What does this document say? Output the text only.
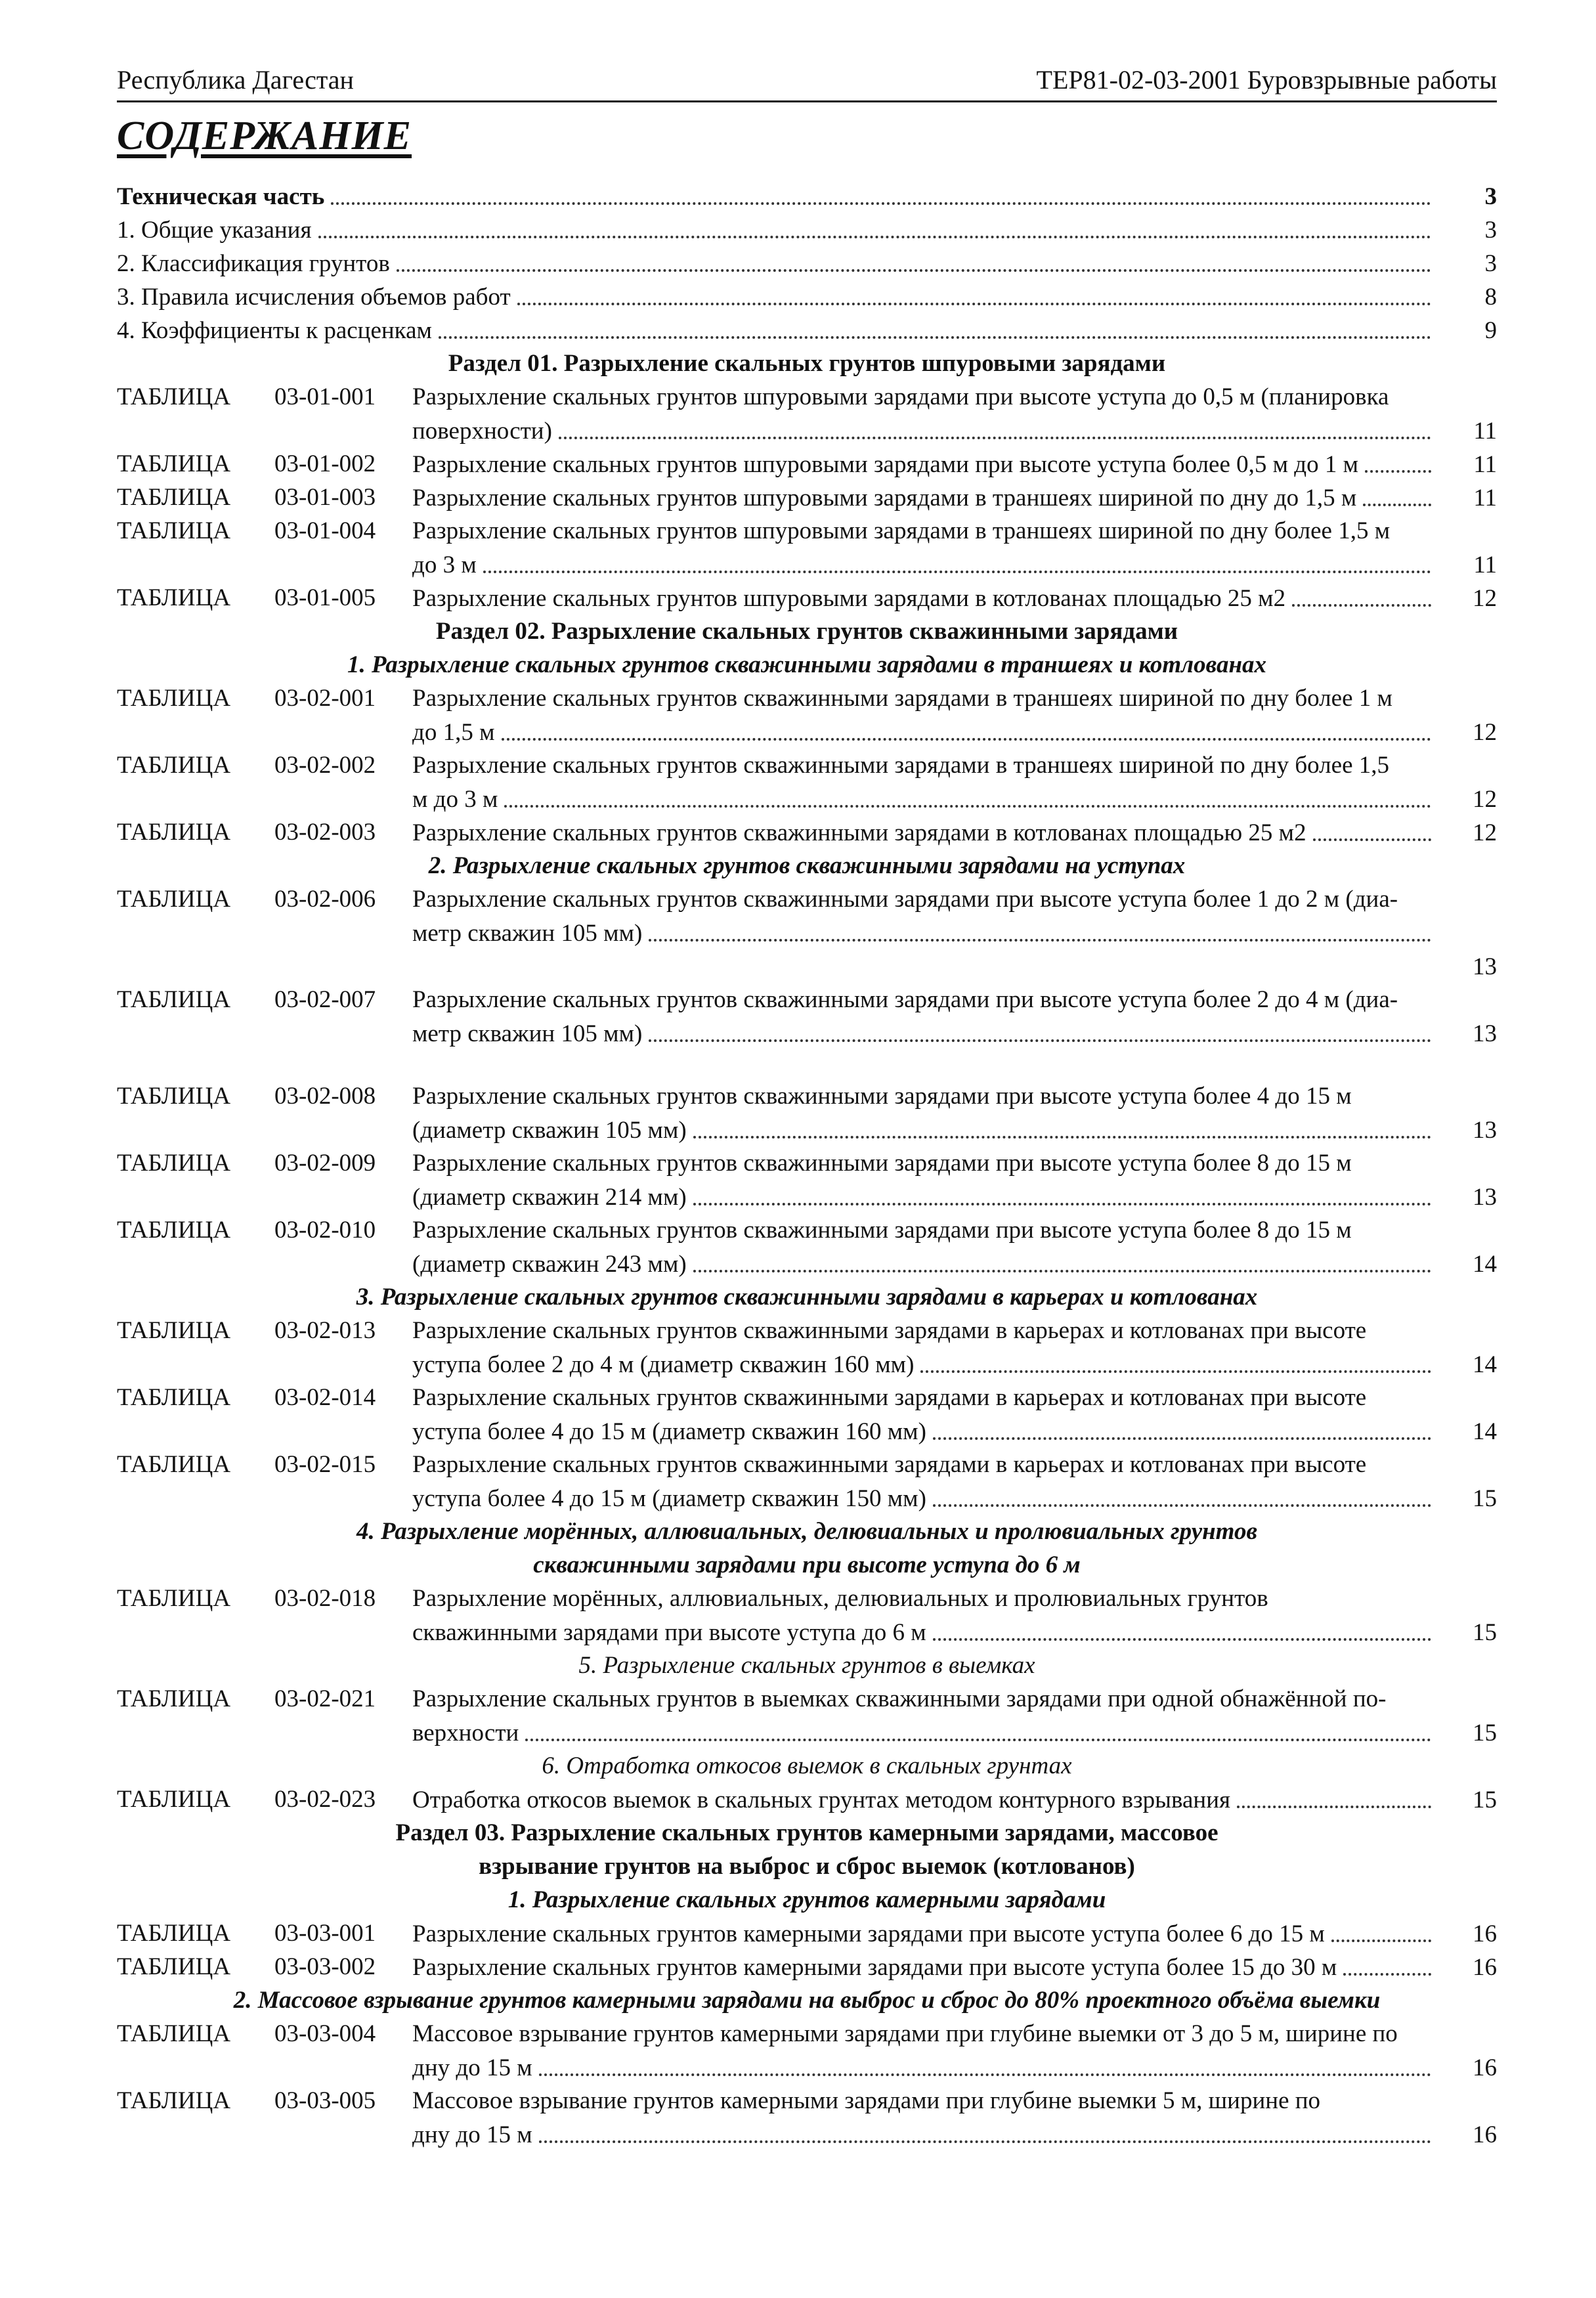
Республика Дагестан	ТЕР81-02-03-2001 Буровзрывные работы
СОДЕРЖАНИЕ
Техническая часть	3
1. Общие указания	3
2. Классификация грунтов	3
3. Правила исчисления объемов работ	8
4. Коэффициенты к расценкам	9
Раздел 01. Разрыхление скальных грунтов шпуровыми зарядами
ТАБЛИЦА	03-01-001	Разрыхление скальных грунтов шпуровыми зарядами при высоте уступа до 0,5 м (планировка
поверхности)	11
ТАБЛИЦА	03-01-002	Разрыхление скальных грунтов шпуровыми зарядами при высоте уступа более 0,5 м до 1 м	11
ТАБЛИЦА	03-01-003	Разрыхление скальных грунтов шпуровыми зарядами в траншеях шириной по дну до 1,5 м	11
ТАБЛИЦА	03-01-004	Разрыхление скальных грунтов шпуровыми зарядами в траншеях шириной по дну более 1,5 м
до 3 м	11
ТАБЛИЦА	03-01-005	Разрыхление скальных грунтов шпуровыми зарядами в котлованах площадью 25 м2	12
Раздел 02. Разрыхление скальных грунтов скважинными зарядами
1. Разрыхление скальных грунтов скважинными зарядами в траншеях и котлованах
ТАБЛИЦА	03-02-001	Разрыхление скальных грунтов скважинными зарядами в траншеях шириной по дну более 1 м
до 1,5 м	12
ТАБЛИЦА	03-02-002	Разрыхление скальных грунтов скважинными зарядами в траншеях шириной по дну более 1,5
м до 3 м	12
ТАБЛИЦА	03-02-003	Разрыхление скальных грунтов скважинными зарядами в котлованах площадью 25 м2	12
2. Разрыхление скальных грунтов скважинными зарядами на уступах
ТАБЛИЦА	03-02-006	Разрыхление скальных грунтов скважинными зарядами при высоте уступа более 1 до 2 м (диа-
метр скважин 105 мм)
13
ТАБЛИЦА	03-02-007	Разрыхление скальных грунтов скважинными зарядами при высоте уступа более 2 до 4 м (диа-
метр скважин 105 мм)	13
ТАБЛИЦА	03-02-008	Разрыхление скальных грунтов скважинными зарядами при высоте уступа более 4 до 15 м
(диаметр скважин 105 мм)	13
ТАБЛИЦА	03-02-009	Разрыхление скальных грунтов скважинными зарядами при высоте уступа более 8 до 15 м
(диаметр скважин 214 мм)	13
ТАБЛИЦА	03-02-010	Разрыхление скальных грунтов скважинными зарядами при высоте уступа более 8 до 15 м
(диаметр скважин 243 мм)	14
3. Разрыхление скальных грунтов скважинными зарядами в карьерах и котлованах
ТАБЛИЦА	03-02-013	Разрыхление скальных грунтов скважинными зарядами в карьерах и котлованах при высоте
уступа более 2 до 4 м (диаметр скважин 160 мм)	14
ТАБЛИЦА	03-02-014	Разрыхление скальных грунтов скважинными зарядами в карьерах и котлованах при высоте
уступа более 4 до 15 м (диаметр скважин 160 мм)	14
ТАБЛИЦА	03-02-015	Разрыхление скальных грунтов скважинными зарядами в карьерах и котлованах при высоте
уступа более 4 до 15 м (диаметр скважин 150 мм)	15
4. Разрыхление морённых, аллювиальных, делювиальных и пролювиальных грунтов
скважинными зарядами при высоте уступа до 6 м
ТАБЛИЦА	03-02-018	Разрыхление морённых, аллювиальных, делювиальных и пролювиальных грунтов
скважинными зарядами при высоте уступа до 6 м	15
5. Разрыхление скальных грунтов в выемках
ТАБЛИЦА	03-02-021	Разрыхление скальных грунтов в выемках скважинными зарядами при одной обнажённой по-
верхности	15
6. Отработка откосов выемок в скальных грунтах
ТАБЛИЦА	03-02-023	Отработка откосов выемок в скальных грунтах методом контурного взрывания	15
Раздел 03. Разрыхление скальных грунтов камерными зарядами, массовое
взрывание грунтов на выброс и сброс выемок (котлованов)
1. Разрыхление скальных грунтов камерными зарядами
ТАБЛИЦА	03-03-001	Разрыхление скальных грунтов камерными зарядами при высоте уступа более 6 до 15 м	16
ТАБЛИЦА	03-03-002	Разрыхление скальных грунтов камерными зарядами при высоте уступа более 15 до 30 м	16
2. Массовое взрывание грунтов камерными зарядами на выброс и сброс до 80% проектного объёма выемки
ТАБЛИЦА	03-03-004	Массовое взрывание грунтов камерными зарядами при глубине выемки от 3 до 5 м, ширине по
дну до 15 м	16
ТАБЛИЦА	03-03-005	Массовое взрывание грунтов камерными зарядами при глубине выемки 5 м, ширине по
дну до 15 м	16
